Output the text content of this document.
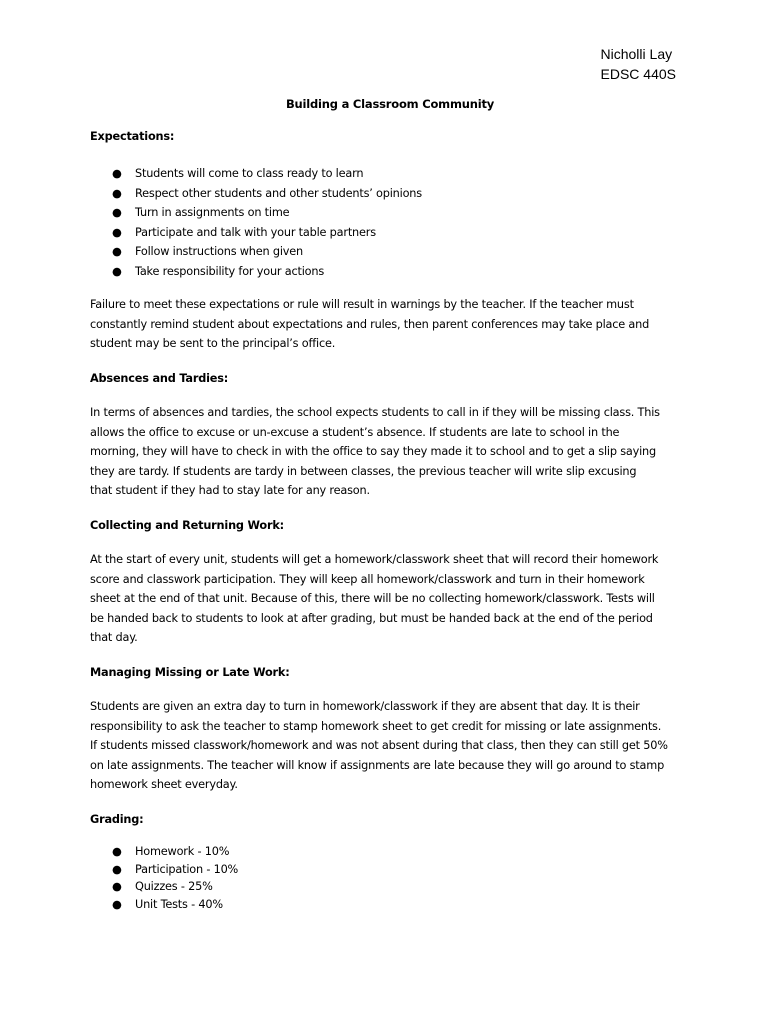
Nicholli Lay
EDSC 440S
Building a Classroom Community
Expectations:
● Students will come to class ready to learn
● Respect other students and other students’ opinions
● Turn in assignments on time
● Participate and talk with your table partners
● Follow instructions when given
● Take responsibility for your actions
Failure to meet these expectations or rule will result in warnings by the teacher. If the teacher must
constantly remind student about expectations and rules, then parent conferences may take place and
student may be sent to the principal’s office.
Absences and Tardies:
In terms of absences and tardies, the school expects students to call in if they will be missing class. This
allows the office to excuse or un-excuse a student’s absence. If students are late to school in the
morning, they will have to check in with the office to say they made it to school and to get a slip saying
they are tardy. If students are tardy in between classes, the previous teacher will write slip excusing
that student if they had to stay late for any reason.
Collecting and Returning Work:
At the start of every unit, students will get a homework/classwork sheet that will record their homework
score and classwork participation. They will keep all homework/classwork and turn in their homework
sheet at the end of that unit. Because of this, there will be no collecting homework/classwork. Tests will
be handed back to students to look at after grading, but must be handed back at the end of the period
that day.
Managing Missing or Late Work:
Students are given an extra day to turn in homework/classwork if they are absent that day. It is their
responsibility to ask the teacher to stamp homework sheet to get credit for missing or late assignments.
If students missed classwork/homework and was not absent during that class, then they can still get 50%
on late assignments. The teacher will know if assignments are late because they will go around to stamp
homework sheet everyday.
Grading:
● Homework - 10%
● Participation - 10%
● Quizzes - 25%
● Unit Tests - 40%
